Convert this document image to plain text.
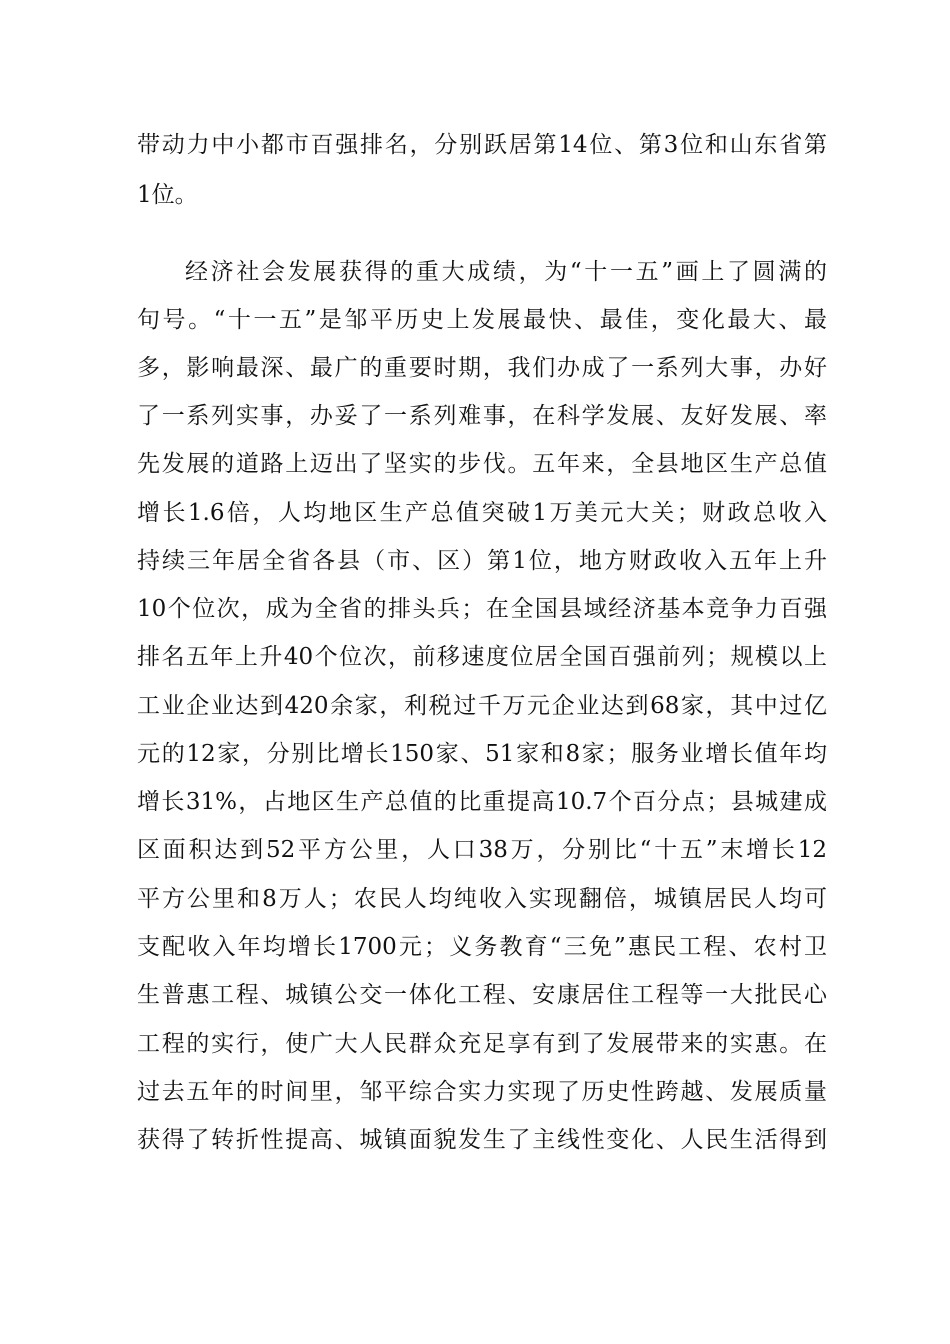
带动力中小都市百强排名，分别跃居第14位、第3位和山东省第
1位。
经济社会发展获得的重大成绩，为“十一五”画上了圆满的
句号。“十一五”是邹平历史上发展最快、最佳，变化最大、最
多，影响最深、最广的重要时期，我们办成了一系列大事，办好
了一系列实事，办妥了一系列难事，在科学发展、友好发展、率
先发展的道路上迈出了坚实的步伐。五年来，全县地区生产总值
增长1.6倍，人均地区生产总值突破1万美元大关；财政总收入
持续三年居全省各县（市、区）第1位，地方财政收入五年上升
10个位次，成为全省的排头兵；在全国县域经济基本竞争力百强
排名五年上升40个位次，前移速度位居全国百强前列；规模以上
工业企业达到420余家，利税过千万元企业达到68家，其中过亿
元的12家，分别比增长150家、51家和8家；服务业增长值年均
增长31%，占地区生产总值的比重提高10.7个百分点；县城建成
区面积达到52平方公里，人口38万，分别比“十五”末增长12
平方公里和8万人；农民人均纯收入实现翻倍，城镇居民人均可
支配收入年均增长1700元；义务教育“三免”惠民工程、农村卫
生普惠工程、城镇公交一体化工程、安康居住工程等一大批民心
工程的实行，使广大人民群众充足享有到了发展带来的实惠。在
过去五年的时间里，邹平综合实力实现了历史性跨越、发展质量
获得了转折性提高、城镇面貌发生了主线性变化、人民生活得到
